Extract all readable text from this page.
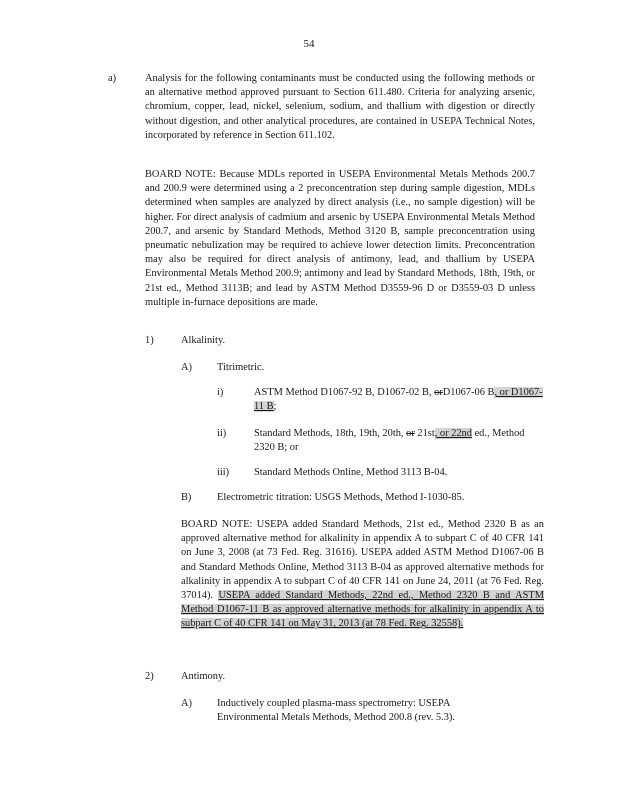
54
a)	Analysis for the following contaminants must be conducted using the following methods or an alternative method approved pursuant to Section 611.480. Criteria for analyzing arsenic, chromium, copper, lead, nickel, selenium, sodium, and thallium with digestion or directly without digestion, and other analytical procedures, are contained in USEPA Technical Notes, incorporated by reference in Section 611.102.
BOARD NOTE: Because MDLs reported in USEPA Environmental Metals Methods 200.7 and 200.9 were determined using a 2 preconcentration step during sample digestion, MDLs determined when samples are analyzed by direct analysis (i.e., no sample digestion) will be higher. For direct analysis of cadmium and arsenic by USEPA Environmental Metals Method 200.7, and arsenic by Standard Methods, Method 3120 B, sample preconcentration using pneumatic nebulization may be required to achieve lower detection limits. Preconcentration may also be required for direct analysis of antimony, lead, and thallium by USEPA Environmental Metals Method 200.9; antimony and lead by Standard Methods, 18th, 19th, or 21st ed., Method 3113B; and lead by ASTM Method D3559-96 D or D3559-03 D unless multiple in-furnace depositions are made.
1)	Alkalinity.
A) Titrimetric.
i)	ASTM Method D1067-92 B, D1067-02 B, orD1067-06 B, or D1067-11 B;
ii)	Standard Methods, 18th, 19th, 20th, or 21st, or 22nd ed., Method 2320 B; or
iii) Standard Methods Online, Method 3113 B-04.
B) Electrometric titration: USGS Methods, Method I-1030-85.
BOARD NOTE: USEPA added Standard Methods, 21st ed., Method 2320 B as an approved alternative method for alkalinity in appendix A to subpart C of 40 CFR 141 on June 3, 2008 (at 73 Fed. Reg. 31616). USEPA added ASTM Method D1067-06 B and Standard Methods Online, Method 3113 B-04 as approved alternative methods for alkalinity in appendix A to subpart C of 40 CFR 141 on June 24, 2011 (at 76 Fed. Reg. 37014). USEPA added Standard Methods, 22nd ed., Method 2320 B and ASTM Method D1067-11 B as approved alternative methods for alkalinity in appendix A to subpart C of 40 CFR 141 on May 31, 2013 (at 78 Fed. Reg. 32558).
2)	Antimony.
A) Inductively coupled plasma-mass spectrometry: USEPA Environmental Metals Methods, Method 200.8 (rev. 5.3).
